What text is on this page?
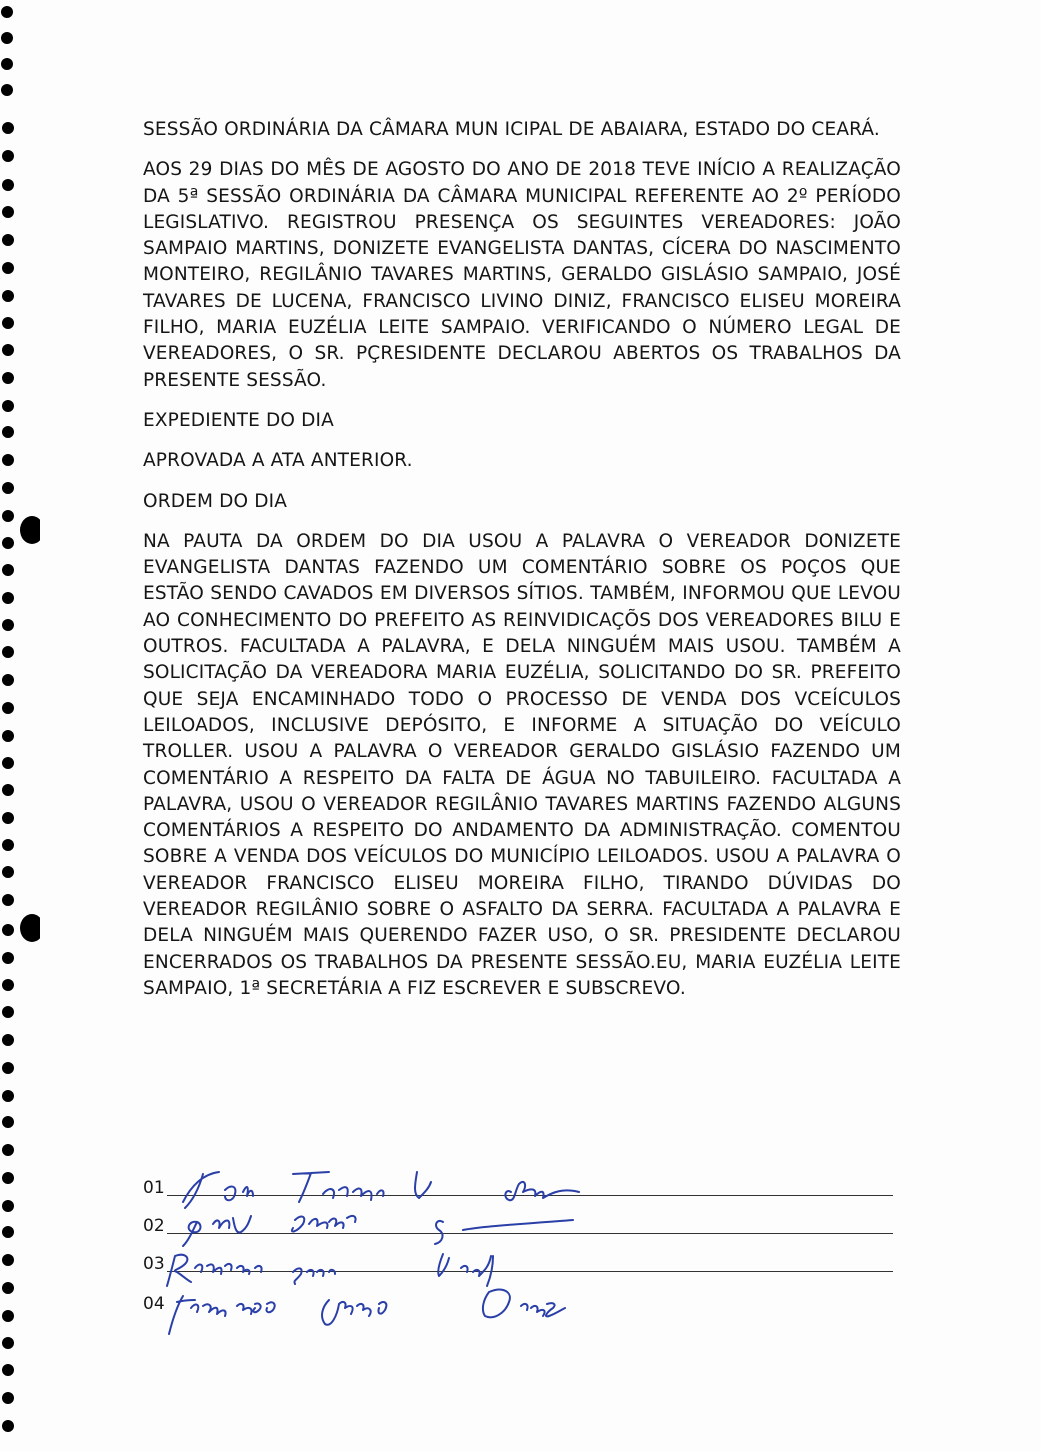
SESSÃO ORDINÁRIA DA CÂMARA MUN ICIPAL DE ABAIARA, ESTADO DO CEARÁ.

AOS 29 DIAS DO MÊS DE AGOSTO DO ANO DE 2018 TEVE INÍCIO A REALIZAÇÃO DA 5ª SESSÃO ORDINÁRIA DA CÂMARA MUNICIPAL REFERENTE AO 2º PERÍODO LEGISLATIVO. REGISTROU PRESENÇA OS SEGUINTES VEREADORES: JOÃO SAMPAIO MARTINS, DONIZETE EVANGELISTA DANTAS, CÍCERA DO NASCIMENTO MONTEIRO, REGILÂNIO TAVARES MARTINS, GERALDO GISLÁSIO SAMPAIO, JOSÉ TAVARES DE LUCENA, FRANCISCO LIVINO DINIZ, FRANCISCO ELISEU MOREIRA FILHO, MARIA EUZÉLIA LEITE SAMPAIO. VERIFICANDO O NÚMERO LEGAL DE VEREADORES, O SR. PÇRESIDENTE DECLAROU ABERTOS OS TRABALHOS DA PRESENTE SESSÃO.

EXPEDIENTE DO DIA

APROVADA A ATA ANTERIOR.

ORDEM DO DIA

NA PAUTA DA ORDEM DO DIA USOU A PALAVRA O VEREADOR DONIZETE EVANGELISTA DANTAS FAZENDO UM COMENTÁRIO SOBRE OS POÇOS QUE ESTÃO SENDO CAVADOS EM DIVERSOS SÍTIOS. TAMBÉM, INFORMOU QUE LEVOU AO CONHECIMENTO DO PREFEITO AS REINVIDICAÇÕS DOS VEREADORES BILU E OUTROS. FACULTADA A PALAVRA, E DELA NINGUÉM MAIS USOU. TAMBÉM A SOLICITAÇÃO DA VEREADORA MARIA EUZÉLIA, SOLICITANDO DO SR. PREFEITO QUE SEJA ENCAMINHADO TODO O PROCESSO DE VENDA DOS VCEÍCULOS LEILOADOS, INCLUSIVE DEPÓSITO, E INFORME A SITUAÇÃO DO VEÍCULO TROLLER. USOU A PALAVRA O VEREADOR GERALDO GISLÁSIO FAZENDO UM COMENTÁRIO A RESPEITO DA FALTA DE ÁGUA NO TABUILEIRO. FACULTADA A PALAVRA, USOU O VEREADOR REGILÂNIO TAVARES MARTINS FAZENDO ALGUNS COMENTÁRIOS A RESPEITO DO ANDAMENTO DA ADMINISTRAÇÃO. COMENTOU SOBRE A VENDA DOS VEÍCULOS DO MUNICÍPIO LEILOADOS. USOU A PALAVRA O VEREADOR FRANCISCO ELISEU MOREIRA FILHO, TIRANDO DÚVIDAS DO VEREADOR REGILÂNIO SOBRE O ASFALTO DA SERRA. FACULTADA A PALAVRA E DELA NINGUÉM MAIS QUERENDO FAZER USO, O SR. PRESIDENTE DECLAROU ENCERRADOS OS TRABALHOS DA PRESENTE SESSÃO.EU, MARIA EUZÉLIA LEITE SAMPAIO, 1ª SECRETÁRIA A FIZ ESCREVER E SUBSCREVO.

01
02
03
04
